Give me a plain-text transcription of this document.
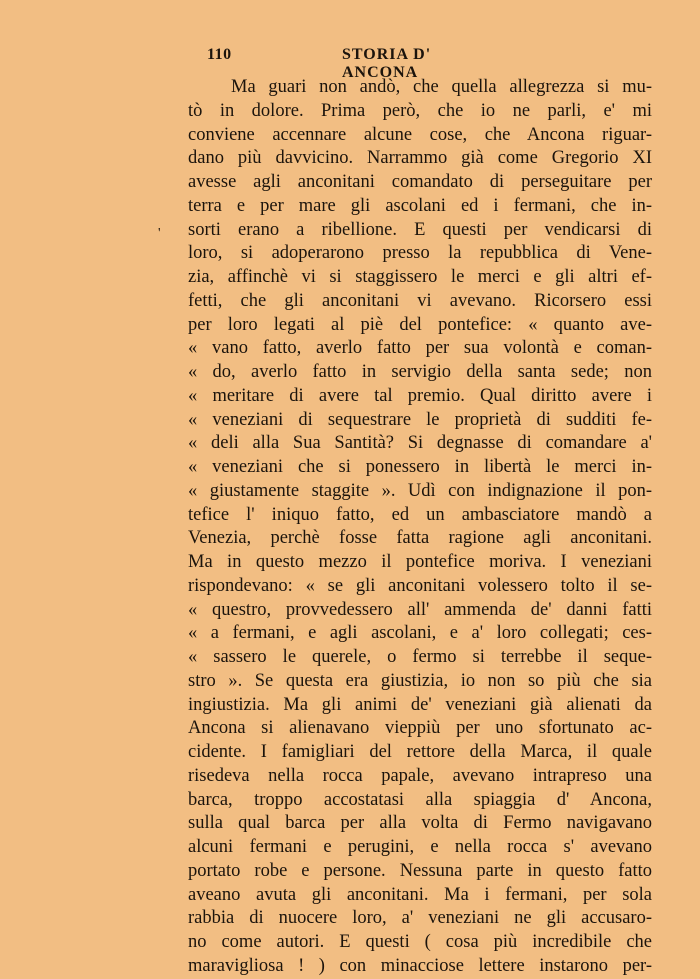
110	STORIA D' ANCONA
'
Ma guari non andò, che quella allegrezza si mu-
tò in dolore. Prima però, che io ne parli, e' mi
conviene accennare alcune cose, che Ancona riguar-
dano più davvicino. Narrammo già come Gregorio XI
avesse agli anconitani comandato di perseguitare per
terra e per mare gli ascolani ed i fermani, che in-
sorti erano a ribellione. E questi per vendicarsi di
loro, si adoperarono presso la repubblica di Vene-
zia, affinchè vi si staggissero le merci e gli altri ef-
fetti, che gli anconitani vi avevano. Ricorsero essi
per loro legati al piè del pontefice: « quanto ave-
« vano fatto, averlo fatto per sua volontà e coman-
« do, averlo fatto in servigio della santa sede; non
« meritare di avere tal premio. Qual diritto avere i
« veneziani di sequestrare le proprietà di sudditi fe-
« deli alla Sua Santità? Si degnasse di comandare a'
« veneziani che si ponessero in libertà le merci in-
« giustamente staggite ». Udì con indignazione il pon-
tefice l' iniquo fatto, ed un ambasciatore mandò a
Venezia, perchè fosse fatta ragione agli anconitani.
Ma in questo mezzo il pontefice moriva. I veneziani
rispondevano: « se gli anconitani volessero tolto il se-
« questro, provvedessero all' ammenda de' danni fatti
« a fermani, e agli ascolani, e a' loro collegati; ces-
« sassero le querele, o fermo si terrebbe il seque-
stro ». Se questa era giustizia, io non so più che sia
ingiustizia. Ma gli animi de' veneziani già alienati da
Ancona si alienavano vieppiù per uno sfortunato ac-
cidente. I famigliari del rettore della Marca, il quale
risedeva nella rocca papale, avevano intrapreso una
barca, troppo accostatasi alla spiaggia d' Ancona,
sulla qual barca per alla volta di Fermo navigavano
alcuni fermani e perugini, e nella rocca s' avevano
portato robe e persone. Nessuna parte in questo fatto
aveano avuta gli anconitani. Ma i fermani, per sola
rabbia di nuocere loro, a' veneziani ne gli accusaro-
no come autori. E questi ( cosa più incredibile che
maravigliosa ! ) con minacciose lettere instarono per-
